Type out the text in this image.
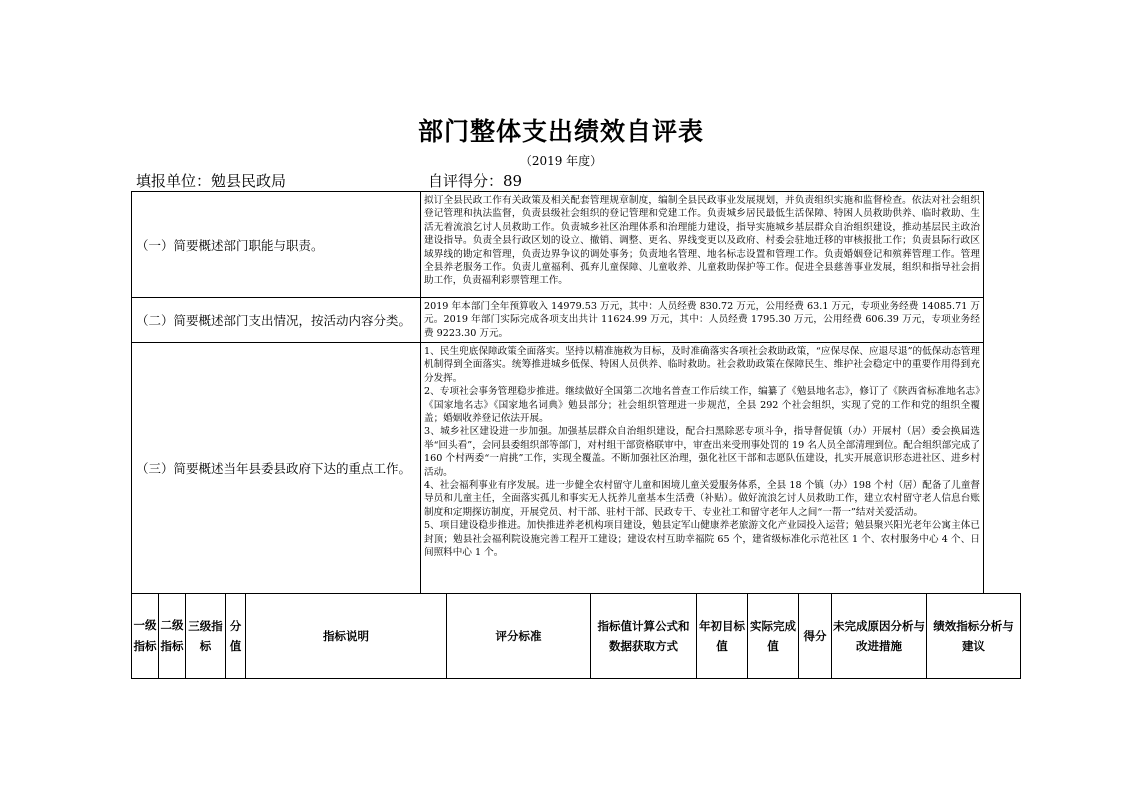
部门整体支出绩效自评表
（2019 年度）
填报单位：勉县民政局	自评得分：89
（一）简要概述部门职能与职责。	拟订全县民政工作有关政策及相关配套管理规章制度，编制全县民政事业发展规划，并负责组织实施和监督检查。依法对社会组织登记管理和执法监督，负责县级社会组织的登记管理和党建工作。负责城乡居民最低生活保障、特困人员救助供养、临时救助、生活无着流浪乞讨人员救助工作。负责城乡社区治理体系和治理能力建设，指导实施城乡基层群众自治组织建设，推动基层民主政治建设指导。负责全县行政区划的设立、撤销、调整、更名、界线变更以及政府、村委会驻地迁移的审核报批工作；负责县际行政区域界线的勘定和管理，负责边界争议的调处事务；负责地名管理、地名标志设置和管理工作。负责婚姻登记和殡葬管理工作。管理全县养老服务工作。负责儿童福利、孤弃儿童保障、儿童收养、儿童救助保护等工作。促进全县慈善事业发展，组织和指导社会捐助工作，负责福利彩票管理工作。

（二）简要概述部门支出情况，按活动内容分类。	2019 年本部门全年预算收入 14979.53 万元，其中：人员经费 830.72 万元，公用经费 63.1 万元，专项业务经费 14085.71 万元。2019 年部门实际完成各项支出共计 11624.99 万元，其中：人员经费 1795.30 万元，公用经费 606.39 万元，专项业务经费 9223.30 万元。

（三）简要概述当年县委县政府下达的重点工作。	1、民生兜底保障政策全面落实。坚持以精准施救为目标，及时准确落实各项社会救助政策，“应保尽保、应退尽退”的低保动态管理机制得到全面落实。统筹推进城乡低保、特困人员供养、临时救助。社会救助政策在保障民生、维护社会稳定中的重要作用得到充分发挥。

2、专项社会事务管理稳步推进。继续做好全国第二次地名普查工作后续工作，编纂了《勉县地名志》，修订了《陕西省标准地名志》《国家地名志》《国家地名词典》勉县部分；社会组织管理进一步规范，全县 292 个社会组织，实现了党的工作和党的组织全覆盖；婚姻收养登记依法开展。

3、城乡社区建设进一步加强。加强基层群众自治组织建设，配合扫黑除恶专项斗争，指导督促镇（办）开展村（居）委会换届选举“回头看”，会同县委组织部等部门，对村组干部资格联审中，审查出来受刑事处罚的 19 名人员全部清理到位。配合组织部完成了 160 个村两委“一肩挑”工作，实现全覆盖。不断加强社区治理，强化社区干部和志愿队伍建设，扎实开展意识形态进社区、进乡村活动。

4、社会福利事业有序发展。进一步健全农村留守儿童和困境儿童关爱服务体系，全县 18 个镇（办）198 个村（居）配备了儿童督导员和儿童主任，全面落实孤儿和事实无人抚养儿童基本生活费（补贴）。做好流浪乞讨人员救助工作，建立农村留守老人信息台账制度和定期探访制度，开展党员、村干部、驻村干部、民政专干、专业社工和留守老年人之间“一帮一”结对关爱活动。

5、项目建设稳步推进。加快推进养老机构项目建设，勉县定军山健康养老旅游文化产业园投入运营；勉县聚兴阳光老年公寓主体已封顶；勉县社会福利院设施完善工程开工建设；建设农村互助幸福院 65 个，建省级标准化示范社区 1 个、农村服务中心 4 个、日间照料中心 1 个。

一级指标	二级指标	三级指标	分值	指标说明	评分标准	指标值计算公式和数据获取方式	年初目标值	实际完成值	得分	未完成原因分析与改进措施	绩效指标分析与建议
